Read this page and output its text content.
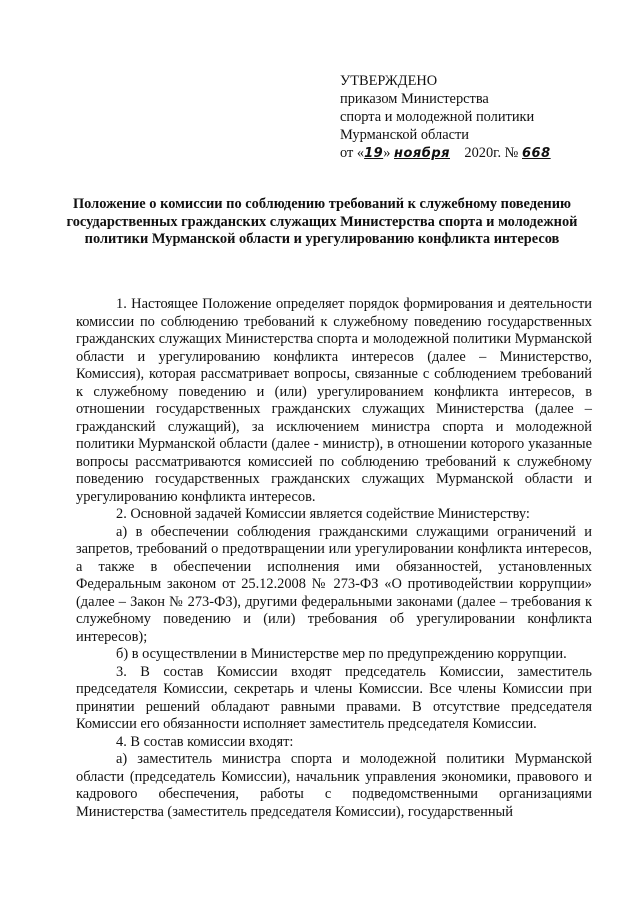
УТВЕРЖДЕНО
приказом Министерства
спорта и молодежной политики
Мурманской области
от «19» ноября 2020г. № 668
Положение о комиссии по соблюдению требований к служебному поведению государственных гражданских служащих Министерства спорта и молодежной политики Мурманской области и урегулированию конфликта интересов

1. Настоящее Положение определяет порядок формирования и деятельности комиссии по соблюдению требований к служебному поведению государственных гражданских служащих Министерства спорта и молодежной политики Мурманской области и урегулированию конфликта интересов (далее – Министерство, Комиссия), которая рассматривает вопросы, связанные с соблюдением требований к служебному поведению и (или) урегулированием конфликта интересов, в отношении государственных гражданских служащих Министерства (далее – гражданский служащий), за исключением министра спорта и молодежной политики Мурманской области (далее - министр), в отношении которого указанные вопросы рассматриваются комиссией по соблюдению требований к служебному поведению государственных гражданских служащих Мурманской области и урегулированию конфликта интересов.

2. Основной задачей Комиссии является содействие Министерству:

а) в обеспечении соблюдения гражданскими служащими ограничений и запретов, требований о предотвращении или урегулировании конфликта интересов, а также в обеспечении исполнения ими обязанностей, установленных Федеральным законом от 25.12.2008 № 273-ФЗ «О противодействии коррупции» (далее – Закон № 273-ФЗ), другими федеральными законами (далее – требования к служебному поведению и (или) требования об урегулировании конфликта интересов);

б) в осуществлении в Министерстве мер по предупреждению коррупции.

3. В состав Комиссии входят председатель Комиссии, заместитель председателя Комиссии, секретарь и члены Комиссии. Все члены Комиссии при принятии решений обладают равными правами. В отсутствие председателя Комиссии его обязанности исполняет заместитель председателя Комиссии.

4. В состав комиссии входят:

а) заместитель министра спорта и молодежной политики Мурманской области (председатель Комиссии), начальник управления экономики, правового и кадрового обеспечения, работы с подведомственными организациями Министерства (заместитель председателя Комиссии), государственный
